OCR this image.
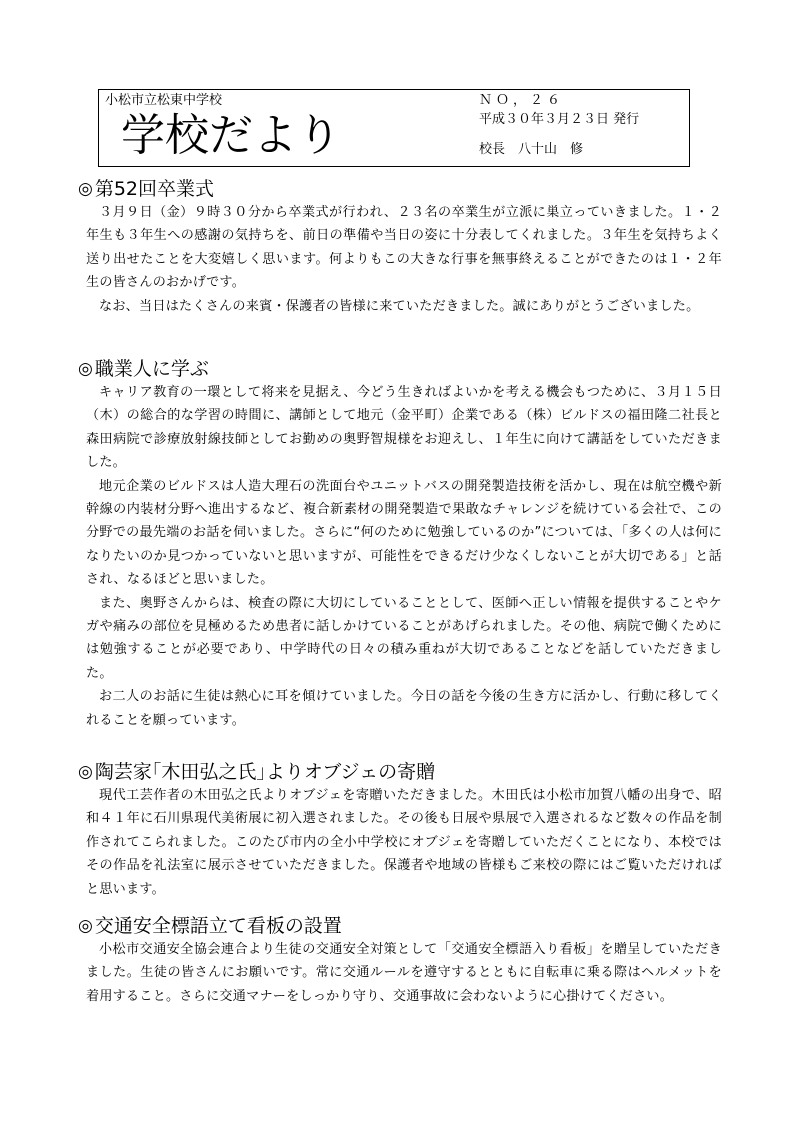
小松市立松東中学校
学校だより
ＮＯ，２６
平成３０年３月２３日 発行
校長　八十山　修
◎ 第52回卒業式

３月９日（金）９時３０分から卒業式が行われ、２３名の卒業生が立派に巣立っていきました。１・２年生も３年生への感謝の気持ちを、前日の準備や当日の姿に十分表してくれました。３年生を気持ちよく送り出せたことを大変嬉しく思います。何よりもこの大きな行事を無事終えることができたのは１・２年生の皆さんのおかげです。

なお、当日はたくさんの来賓・保護者の皆様に来ていただきました。誠にありがとうございました。

◎ 職業人に学ぶ

キャリア教育の一環として将来を見据え、今どう生きればよいかを考える機会もつために、３月１５日（木）の総合的な学習の時間に、講師として地元（金平町）企業である（株）ビルドスの福田隆二社長と森田病院で診療放射線技師としてお勤めの奥野智規様をお迎えし、１年生に向けて講話をしていただきました。

地元企業のビルドスは人造大理石の洗面台やユニットバスの開発製造技術を活かし、現在は航空機や新幹線の内装材分野へ進出するなど、複合新素材の開発製造で果敢なチャレンジを続けている会社で、この分野での最先端のお話を伺いました。さらに“何のために勉強しているのか”については、「多くの人は何になりたいのか見つかっていないと思いますが、可能性をできるだけ少なくしないことが大切である」と話され、なるほどと思いました。

また、奥野さんからは、検査の際に大切にしていることとして、医師へ正しい情報を提供することやケガや痛みの部位を見極めるため患者に話しかけていることがあげられました。その他、病院で働くためには勉強することが必要であり、中学時代の日々の積み重ねが大切であることなどを話していただきました。

お二人のお話に生徒は熱心に耳を傾けていました。今日の話を今後の生き方に活かし、行動に移してくれることを願っています。

◎ 陶芸家｢木田弘之氏｣よりオブジェの寄贈

現代工芸作者の木田弘之氏よりオブジェを寄贈いただきました。木田氏は小松市加賀八幡の出身で、昭和４１年に石川県現代美術展に初入選されました。その後も日展や県展で入選されるなど数々の作品を制作されてこられました。このたび市内の全小中学校にオブジェを寄贈していただくことになり、本校ではその作品を礼法室に展示させていただきました。保護者や地域の皆様もご来校の際にはご覧いただければと思います。

◎ 交通安全標語立て看板の設置

小松市交通安全協会連合より生徒の交通安全対策として「交通安全標語入り看板」を贈呈していただきました。生徒の皆さんにお願いです。常に交通ルールを遵守するとともに自転車に乗る際はヘルメットを着用すること。さらに交通マナーをしっかり守り、交通事故に会わないように心掛けてください。
